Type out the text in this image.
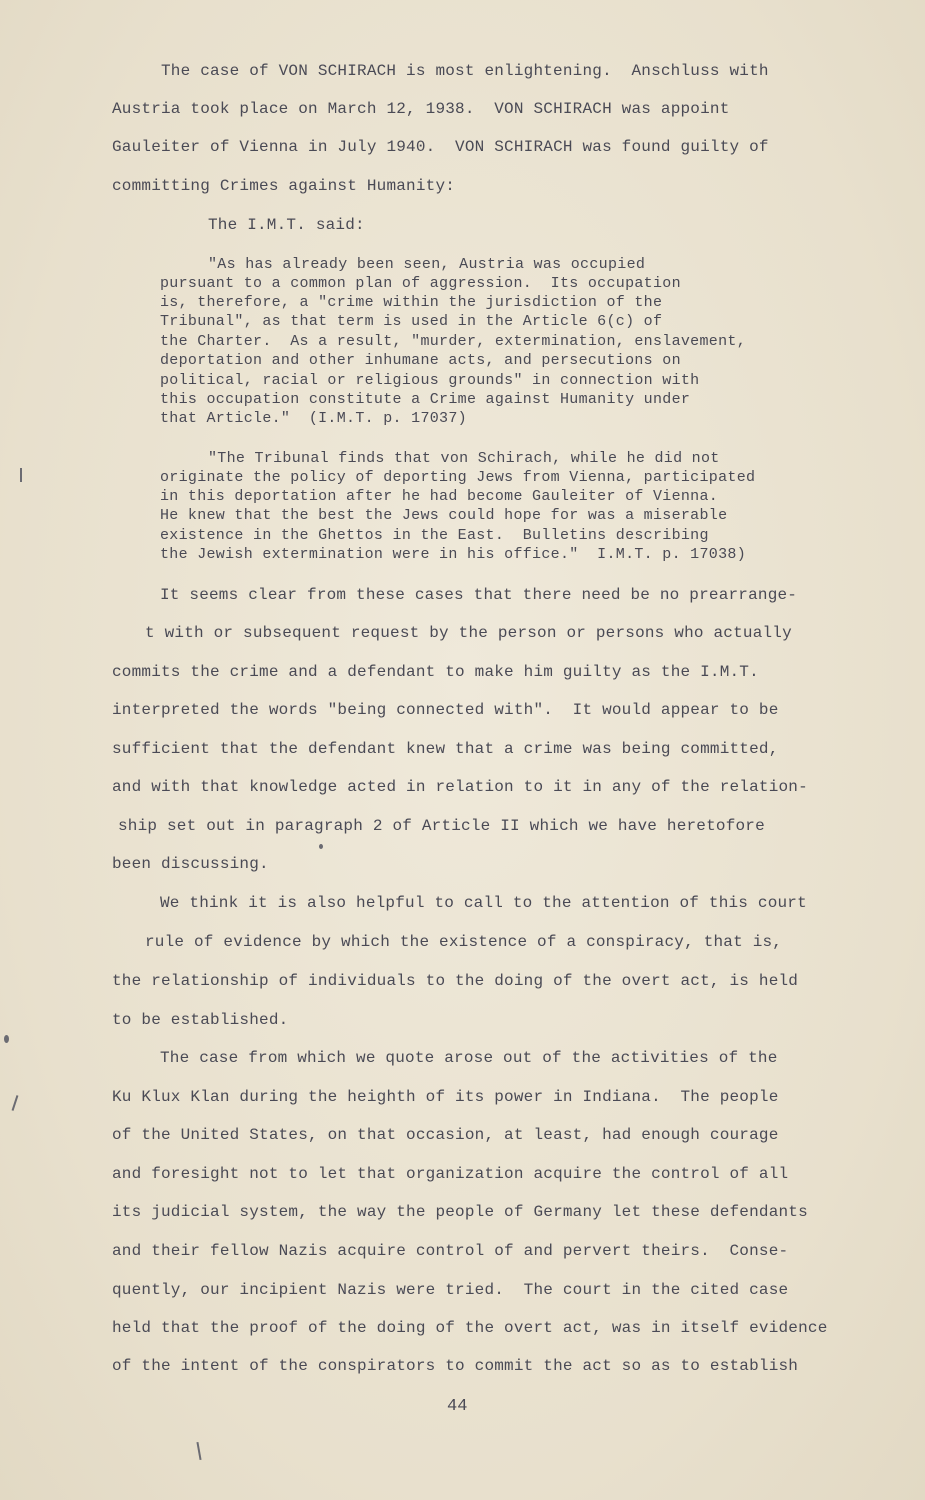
The case of VON SCHIRACH is most enlightening.  Anschluss with
Austria took place on March 12, 1938.  VON SCHIRACH was appoint
Gauleiter of Vienna in July 1940.  VON SCHIRACH was found guilty of
committing Crimes against Humanity:
The I.M.T. said:
"As has already been seen, Austria was occupied
pursuant to a common plan of aggression.  Its occupation
is, therefore, a "crime within the jurisdiction of the
Tribunal", as that term is used in the Article 6(c) of
the Charter.  As a result, "murder, extermination, enslavement,
deportation and other inhumane acts, and persecutions on
political, racial or religious grounds" in connection with
this occupation constitute a Crime against Humanity under
that Article."  (I.M.T. p. 17037)
"The Tribunal finds that von Schirach, while he did not
originate the policy of deporting Jews from Vienna, participated
in this deportation after he had become Gauleiter of Vienna.
He knew that the best the Jews could hope for was a miserable
existence in the Ghettos in the East.  Bulletins describing
the Jewish extermination were in his office."  I.M.T. p. 17038)
It seems clear from these cases that there need be no prearrange-
t with or subsequent request by the person or persons who actually
commits the crime and a defendant to make him guilty as the I.M.T.
interpreted the words "being connected with".  It would appear to be
sufficient that the defendant knew that a crime was being committed,
and with that knowledge acted in relation to it in any of the relation-
ship set out in paragraph 2 of Article II which we have heretofore
been discussing.
We think it is also helpful to call to the attention of this court
rule of evidence by which the existence of a conspiracy, that is,
the relationship of individuals to the doing of the overt act, is held
to be established.
The case from which we quote arose out of the activities of the
Ku Klux Klan during the heighth of its power in Indiana.  The people
of the United States, on that occasion, at least, had enough courage
and foresight not to let that organization acquire the control of all
its judicial system, the way the people of Germany let these defendants
and their fellow Nazis acquire control of and pervert theirs.  Conse-
quently, our incipient Nazis were tried.  The court in the cited case
held that the proof of the doing of the overt act, was in itself evidence
of the intent of the conspirators to commit the act so as to establish
44
